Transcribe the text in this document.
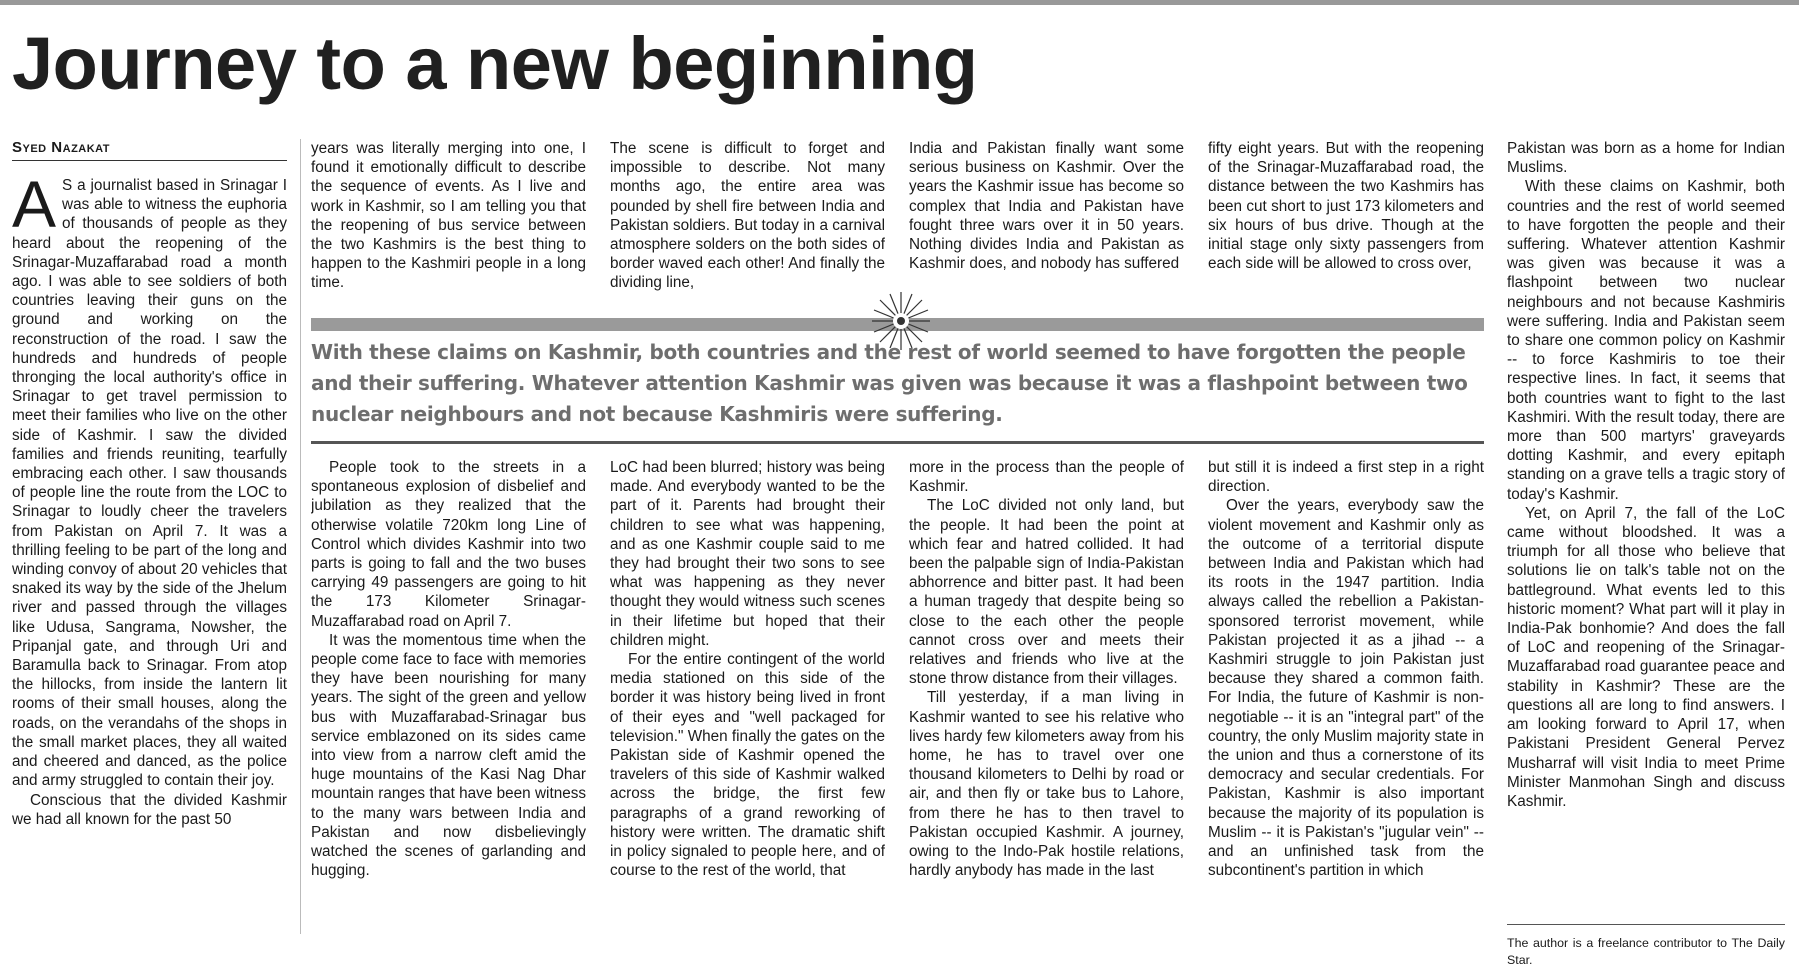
Journey to a new beginning
Syed Nazakat

A S a journalist based in Srinagar I was able to witness the euphoria of thousands of people as they heard about the reopening of the Srinagar-Muzaffarabad road a month ago. I was able to see soldiers of both countries leaving their guns on the ground and working on the reconstruction of the road. I saw the hundreds and hundreds of people thronging the local authority's office in Srinagar to get travel permission to meet their families who live on the other side of Kashmir. I saw the divided families and friends reuniting, tearfully embracing each other. I saw thousands of people line the route from the LOC to Srinagar to loudly cheer the travelers from Pakistan on April 7. It was a thrilling feeling to be part of the long and winding convoy of about 20 vehicles that snaked its way by the side of the Jhelum river and passed through the villages like Udusa, Sangrama, Nowsher, the Pripanjal gate, and through Uri and Baramulla back to Srinagar. From atop the hillocks, from inside the lantern lit rooms of their small houses, along the roads, on the verandahs of the shops in the small market places, they all waited and cheered and danced, as the police and army struggled to contain their joy.

Conscious that the divided Kashmir we had all known for the past 50

years was literally merging into one, I found it emotionally difficult to describe the sequence of events. As I live and work in Kashmir, so I am telling you that the reopening of bus service between the two Kashmirs is the best thing to happen to the Kashmiri people in a long time.

The scene is difficult to forget and impossible to describe. Not many months ago, the entire area was pounded by shell fire between India and Pakistan soldiers. But today in a carnival atmosphere solders on the both sides of border waved each other! And finally the dividing line,

India and Pakistan finally want some serious business on Kashmir. Over the years the Kashmir issue has become so complex that India and Pakistan have fought three wars over it in 50 years. Nothing divides India and Pakistan as Kashmir does, and nobody has suffered

fifty eight years. But with the reopening of the Srinagar-Muzaffarabad road, the distance between the two Kashmirs has been cut short to just 173 kilometers and six hours of bus drive. Though at the initial stage only sixty passengers from each side will be allowed to cross over,

With these claims on Kashmir, both countries and the rest of world seemed to have forgotten the people and their suffering. Whatever attention Kashmir was given was because it was a flashpoint between two nuclear neighbours and not because Kashmiris were suffering.

People took to the streets in a spontaneous explosion of disbelief and jubilation as they realized that the otherwise volatile 720km long Line of Control which divides Kashmir into two parts is going to fall and the two buses carrying 49 passengers are going to hit the 173 Kilometer Srinagar-Muzaffarabad road on April 7.

It was the momentous time when the people come face to face with memories they have been nourishing for many years. The sight of the green and yellow bus with Muzaffarabad-Srinagar bus service emblazoned on its sides came into view from a narrow cleft amid the huge mountains of the Kasi Nag Dhar mountain ranges that have been witness to the many wars between India and Pakistan and now disbelievingly watched the scenes of garlanding and hugging.

LoC had been blurred; history was being made. And everybody wanted to be the part of it. Parents had brought their children to see what was happening, and as one Kashmir couple said to me they had brought their two sons to see what was happening as they never thought they would witness such scenes in their lifetime but hoped that their children might.

For the entire contingent of the world media stationed on this side of the border it was history being lived in front of their eyes and "well packaged for television." When finally the gates on the Pakistan side of Kashmir opened the travelers of this side of Kashmir walked across the bridge, the first few paragraphs of a grand reworking of history were written. The dramatic shift in policy signaled to people here, and of course to the rest of the world, that

more in the process than the people of Kashmir.

The LoC divided not only land, but the people. It had been the point at which fear and hatred collided. It had been the palpable sign of India-Pakistan abhorrence and bitter past. It had been a human tragedy that despite being so close to the each other the people cannot cross over and meets their relatives and friends who live at the stone throw distance from their villages.

Till yesterday, if a man living in Kashmir wanted to see his relative who lives hardy few kilometers away from his home, he has to travel over one thousand kilometers to Delhi by road or air, and then fly or take bus to Lahore, from there he has to then travel to Pakistan occupied Kashmir. A journey, owing to the Indo-Pak hostile relations, hardly anybody has made in the last

but still it is indeed a first step in a right direction.

Over the years, everybody saw the violent movement and Kashmir only as the outcome of a territorial dispute between India and Pakistan which had its roots in the 1947 partition. India always called the rebellion a Pakistan-sponsored terrorist movement, while Pakistan projected it as a jihad -- a Kashmiri struggle to join Pakistan just because they shared a common faith. For India, the future of Kashmir is non-negotiable -- it is an "integral part" of the country, the only Muslim majority state in the union and thus a cornerstone of its democracy and secular credentials. For Pakistan, Kashmir is also important because the majority of its population is Muslim -- it is Pakistan's "jugular vein" -- and an unfinished task from the subcontinent's partition in which

Pakistan was born as a home for Indian Muslims.

With these claims on Kashmir, both countries and the rest of world seemed to have forgotten the people and their suffering. Whatever attention Kashmir was given was because it was a flashpoint between two nuclear neighbours and not because Kashmiris were suffering. India and Pakistan seem to share one common policy on Kashmir -- to force Kashmiris to toe their respective lines. In fact, it seems that both countries want to fight to the last Kashmiri. With the result today, there are more than 500 martyrs' graveyards dotting Kashmir, and every epitaph standing on a grave tells a tragic story of today's Kashmir.

Yet, on April 7, the fall of the LoC came without bloodshed. It was a triumph for all those who believe that solutions lie on talk's table not on the battleground. What events led to this historic moment? What part will it play in India-Pak bonhomie? And does the fall of LoC and reopening of the Srinagar-Muzaffarabad road guarantee peace and stability in Kashmir? These are the questions all are long to find answers. I am looking forward to April 17, when Pakistani President General Pervez Musharraf will visit India to meet Prime Minister Manmohan Singh and discuss Kashmir.

The author is a freelance contributor to The Daily Star.
